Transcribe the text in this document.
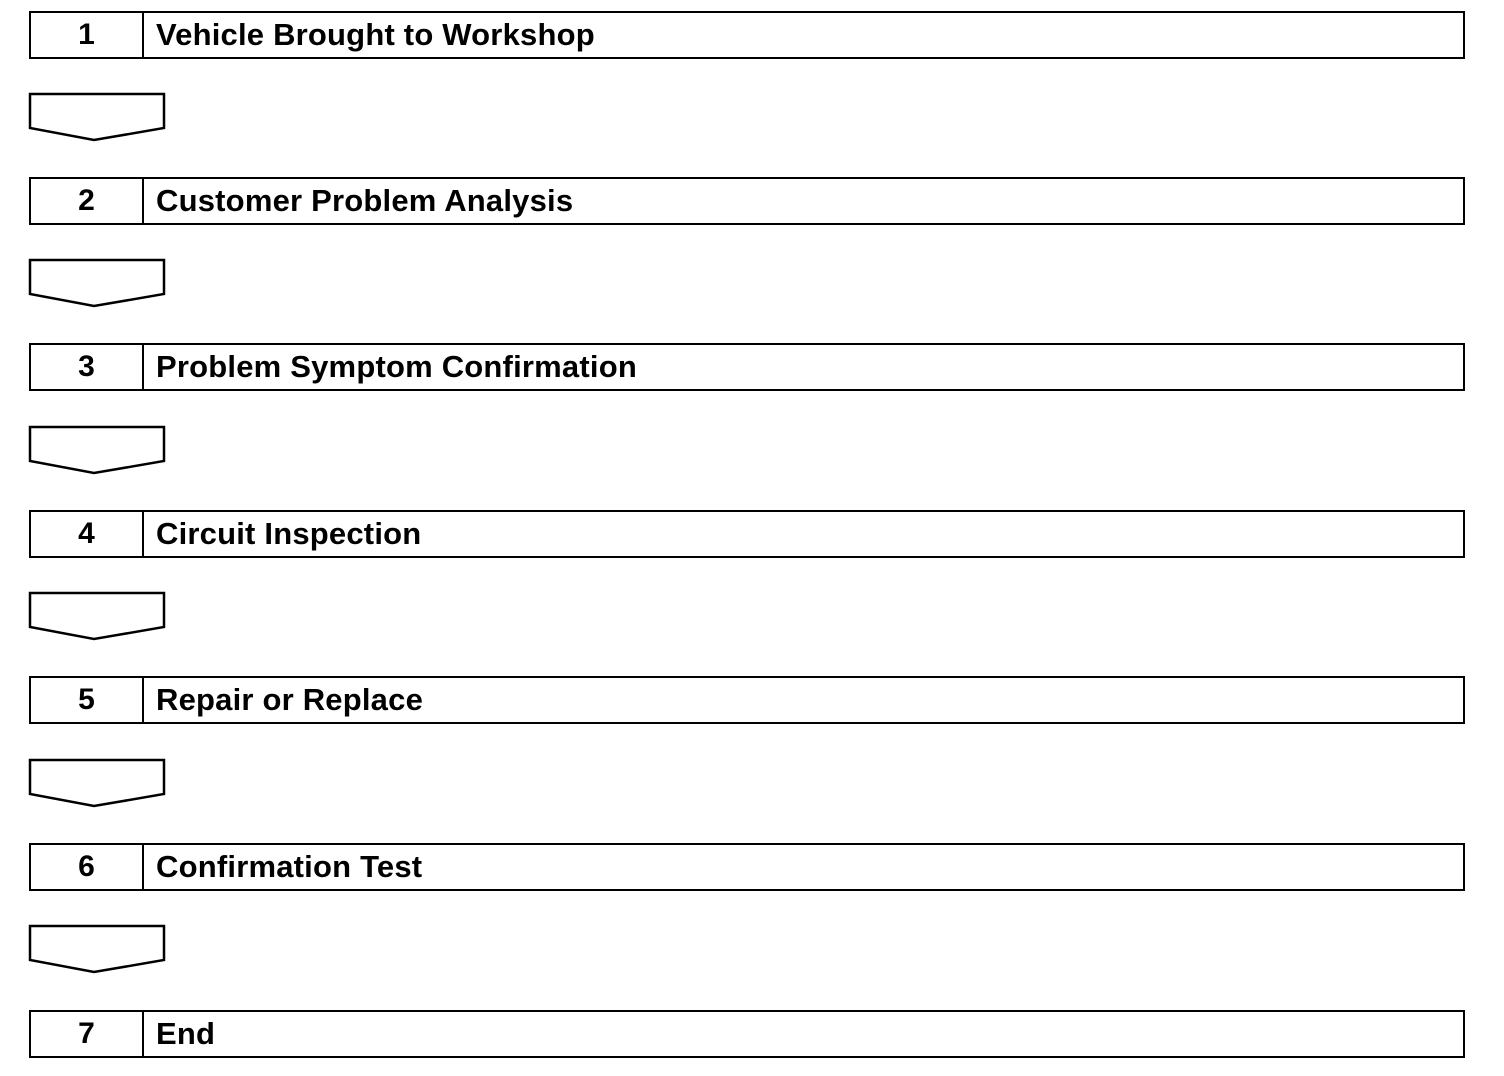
1	Vehicle Brought to Workshop
2	Customer Problem Analysis
3	Problem Symptom Confirmation
4	Circuit Inspection
5	Repair or Replace
6	Confirmation Test
7	End
